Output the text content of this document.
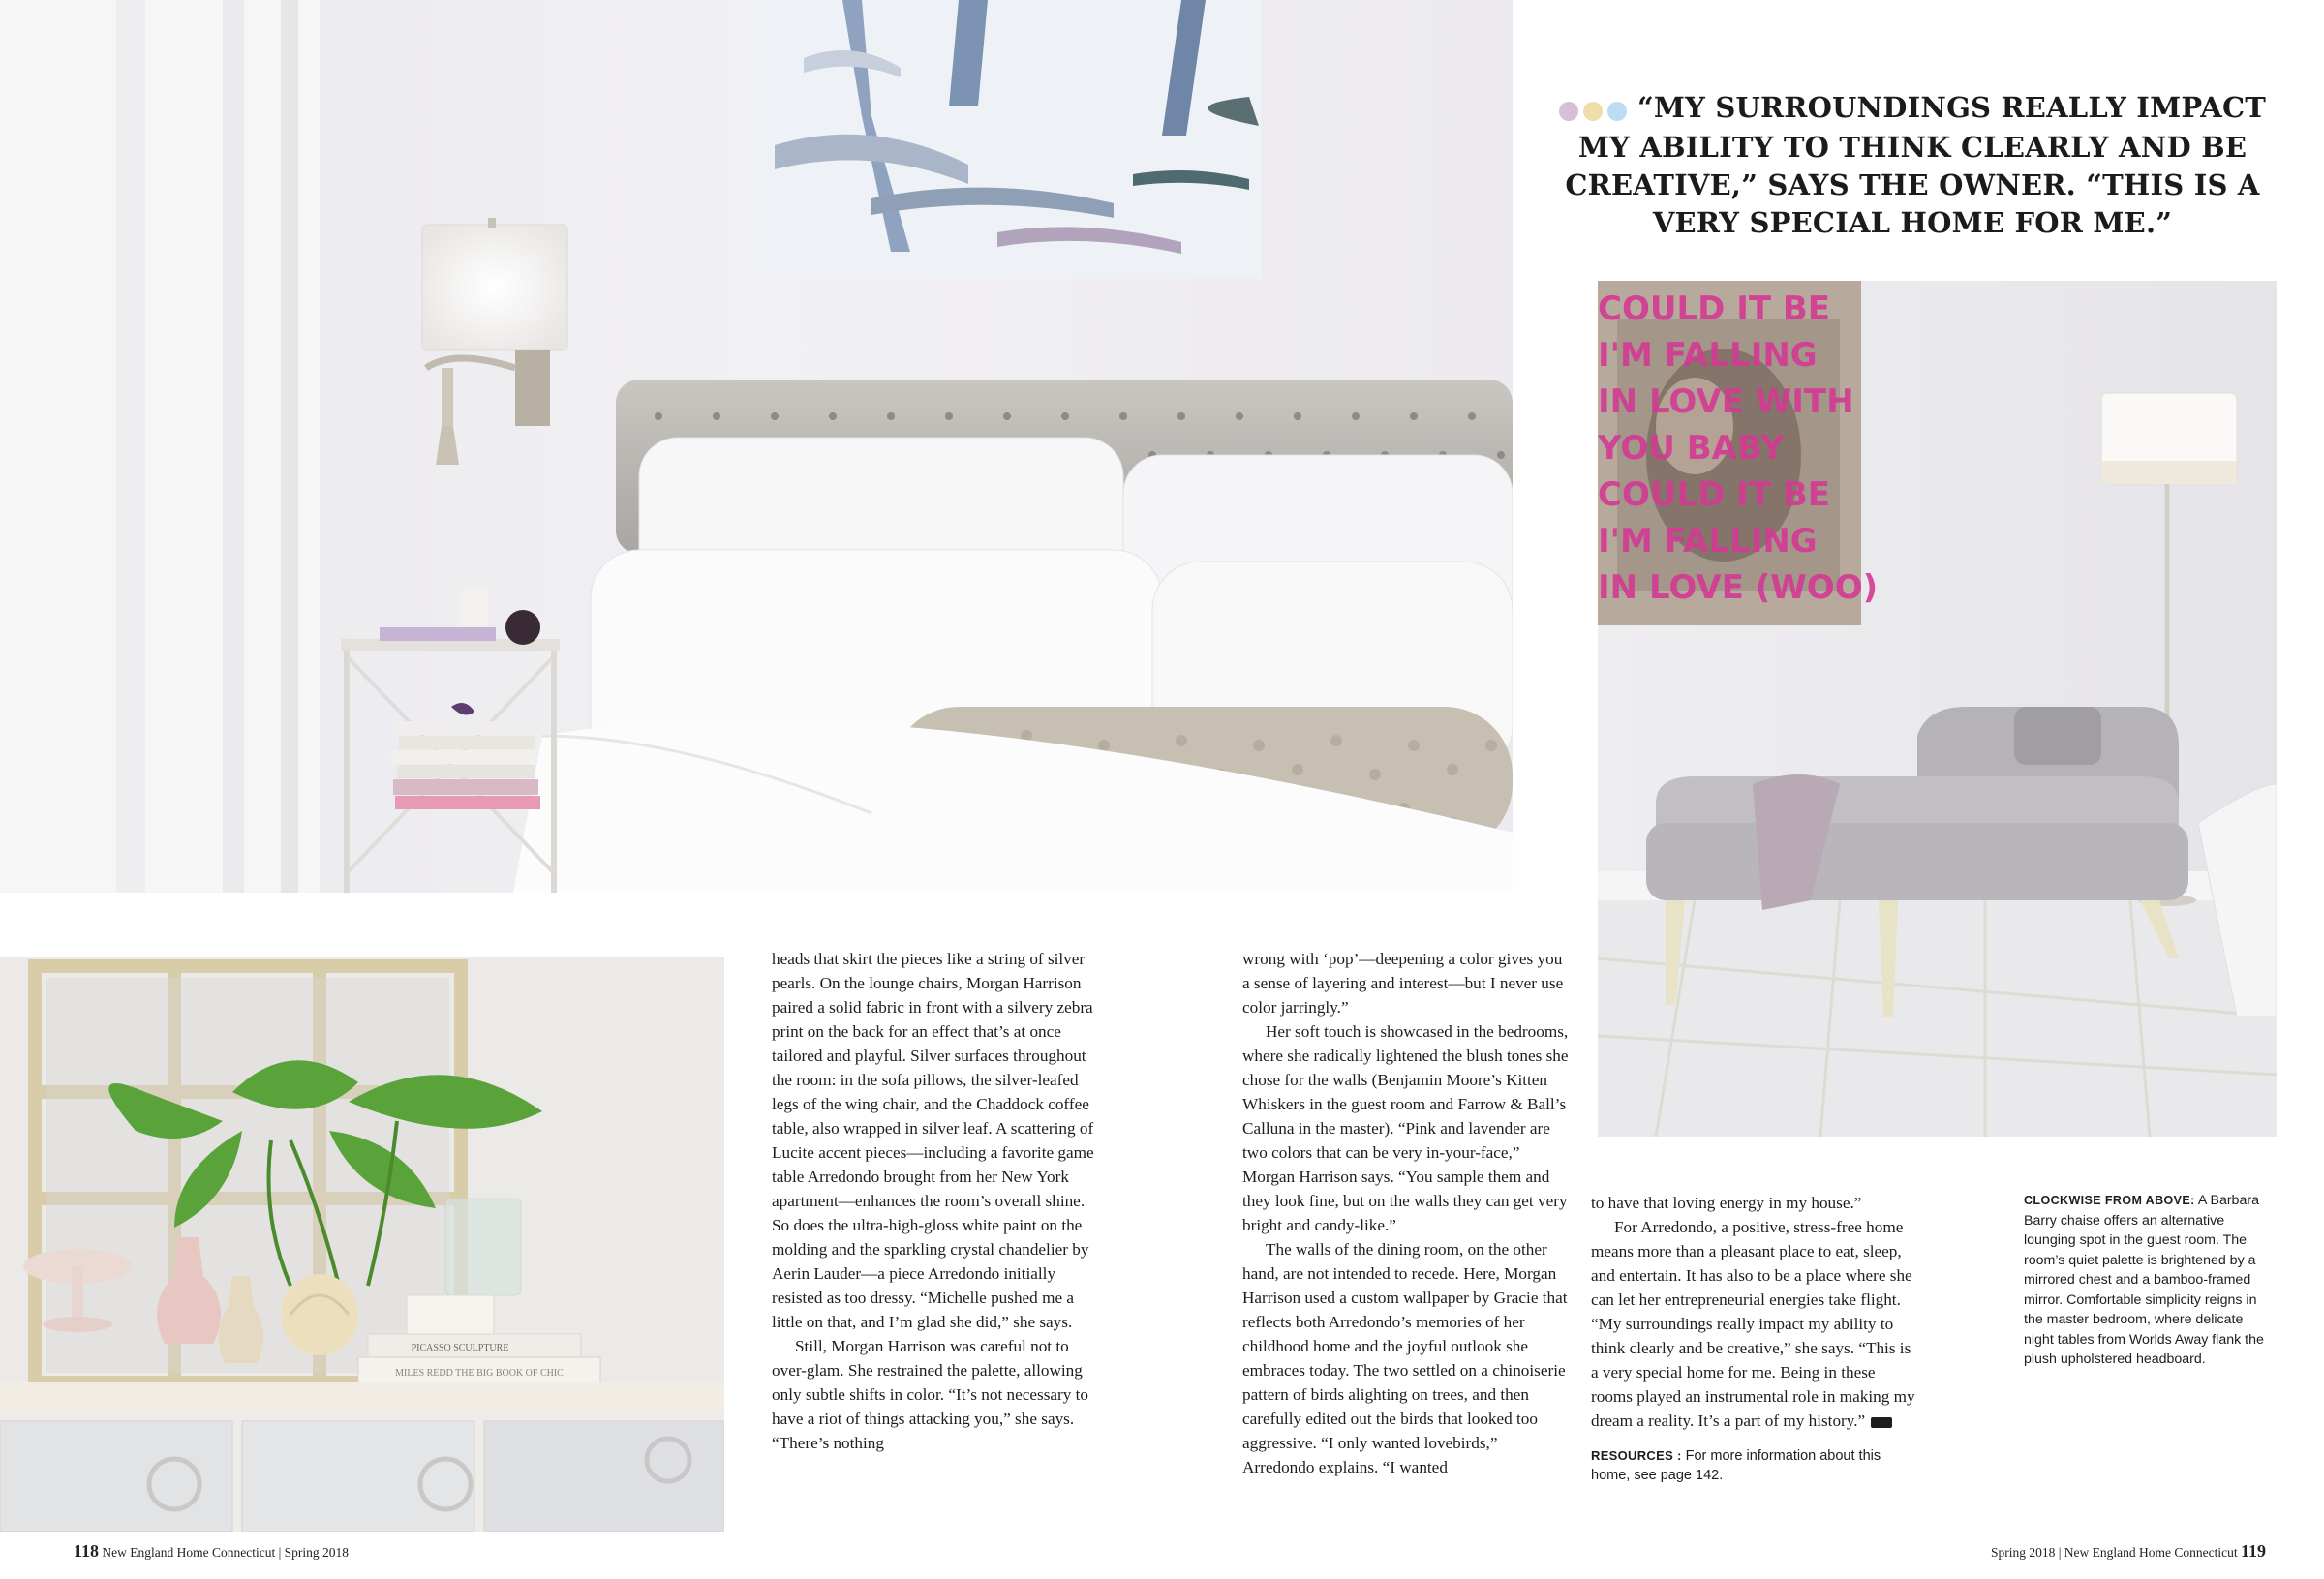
COULD IT BE
I'M FALLING
IN LOVE WITH
YOU BABY
COULD IT BE
I'M FALLING
IN LOVE (WOO)
PICASSO SCULPTURE
MILES REDD THE BIG BOOK OF CHIC
“MY SURROUNDINGS REALLY IMPACT MY ABILITY TO THINK CLEARLY AND BE CREATIVE,” SAYS THE OWNER. “THIS IS A VERY SPECIAL HOME FOR ME.”

heads that skirt the pieces like a string of silver pearls. On the lounge chairs, Morgan Harrison paired a solid fabric in front with a silvery zebra print on the back for an effect that’s at once tailored and playful. Silver surfaces throughout the room: in the sofa pillows, the silver-leafed legs of the wing chair, and the Chaddock coffee table, also wrapped in silver leaf. A scattering of Lucite accent pieces—including a favorite game table Arredondo brought from her New York apartment—enhances the room’s overall shine. So does the ultra-high-gloss white paint on the molding and the sparkling crystal chandelier by Aerin Lauder—a piece Arredondo initially resisted as too dressy. “Michelle pushed me a little on that, and I’m glad she did,” she says.

Still, Morgan Harrison was careful not to over-glam. She restrained the palette, allowing only subtle shifts in color. “It’s not necessary to have a riot of things attacking you,” she says. “There’s nothing

wrong with ‘pop’—deepening a color gives you a sense of layering and interest—but I never use color jarringly.”

Her soft touch is showcased in the bedrooms, where she radically lightened the blush tones she chose for the walls (Benjamin Moore’s Kitten Whiskers in the guest room and Farrow & Ball’s Calluna in the master). “Pink and lavender are two colors that can be very in-your-face,” Morgan Harrison says. “You sample them and they look fine, but on the walls they can get very bright and candy-like.”

The walls of the dining room, on the other hand, are not intended to recede. Here, Morgan Harrison used a custom wallpaper by Gracie that reflects both Arredondo’s memories of her childhood home and the joyful outlook she embraces today. The two settled on a chinoiserie pattern of birds alighting on trees, and then carefully edited out the birds that looked too aggressive. “I only wanted lovebirds,” Arredondo explains. “I wanted

to have that loving energy in my house.”

For Arredondo, a positive, stress-free home means more than a pleasant place to eat, sleep, and entertain. It has also to be a place where she can let her entrepreneurial energies take flight. “My surroundings really impact my ability to think clearly and be creative,” she says. “This is a very special home for me. Being in these rooms played an instrumental role in making my dream a reality. It’s a part of my history.”

RESOURCES : For more information about this home, see page 142.
CLOCKWISE FROM ABOVE: A Barbara Barry chaise offers an alternative lounging spot in the guest room. The room’s quiet palette is brightened by a mirrored chest and a bamboo-framed mirror. Comfortable simplicity reigns in the master bedroom, where delicate night tables from Worlds Away flank the plush upholstered headboard.
118 New England Home Connecticut | Spring 2018	Spring 2018 | New England Home Connecticut 119
